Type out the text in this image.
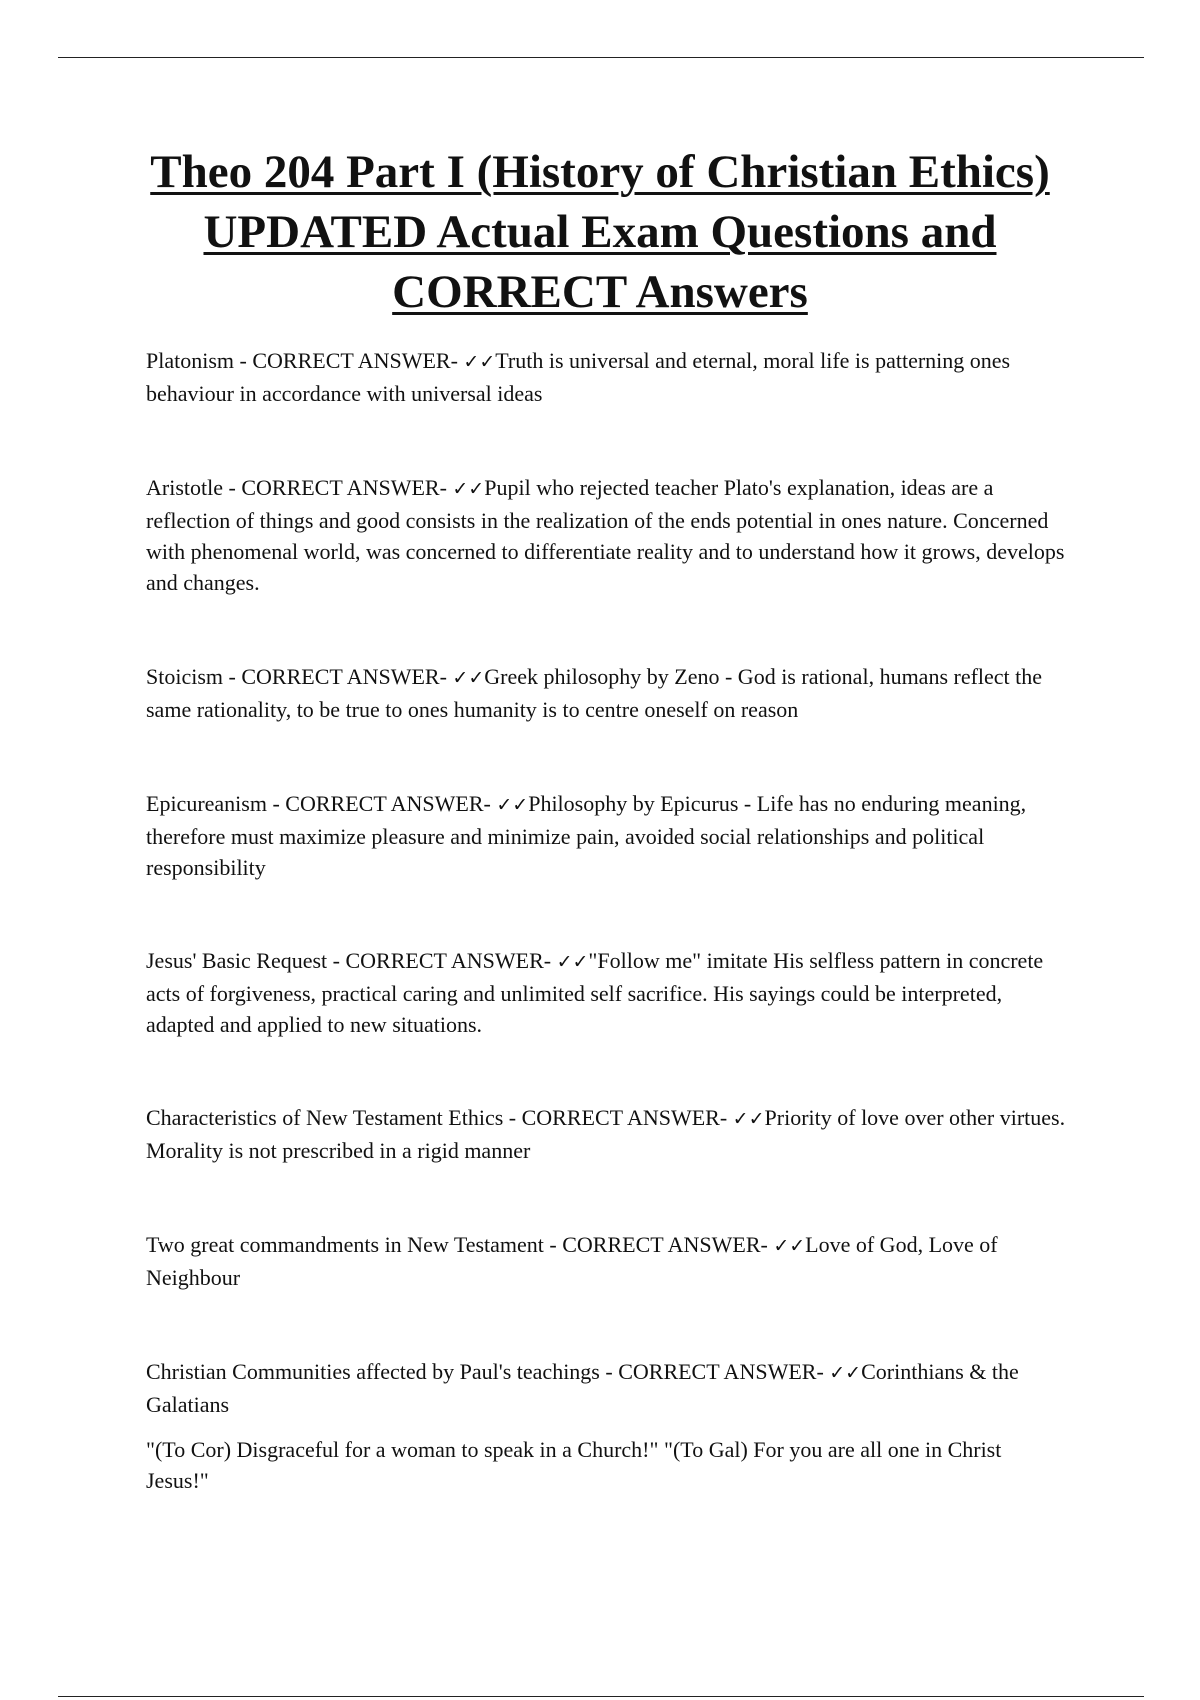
Theo 204 Part I (History of Christian Ethics) UPDATED Actual Exam Questions and CORRECT Answers

Platonism - CORRECT ANSWER- ✓✓Truth is universal and eternal, moral life is patterning ones behaviour in accordance with universal ideas

Aristotle - CORRECT ANSWER- ✓✓Pupil who rejected teacher Plato's explanation, ideas are a reflection of things and good consists in the realization of the ends potential in ones nature. Concerned with phenomenal world, was concerned to differentiate reality and to understand how it grows, develops and changes.

Stoicism - CORRECT ANSWER- ✓✓Greek philosophy by Zeno - God is rational, humans reflect the same rationality, to be true to ones humanity is to centre oneself on reason

Epicureanism - CORRECT ANSWER- ✓✓Philosophy by Epicurus - Life has no enduring meaning, therefore must maximize pleasure and minimize pain, avoided social relationships and political responsibility

Jesus' Basic Request - CORRECT ANSWER- ✓✓"Follow me" imitate His selfless pattern in concrete acts of forgiveness, practical caring and unlimited self sacrifice. His sayings could be interpreted, adapted and applied to new situations.

Characteristics of New Testament Ethics - CORRECT ANSWER- ✓✓Priority of love over other virtues. Morality is not prescribed in a rigid manner

Two great commandments in New Testament - CORRECT ANSWER- ✓✓Love of God, Love of Neighbour

Christian Communities affected by Paul's teachings - CORRECT ANSWER- ✓✓Corinthians & the Galatians

"(To Cor) Disgraceful for a woman to speak in a Church!" "(To Gal) For you are all one in Christ Jesus!"
